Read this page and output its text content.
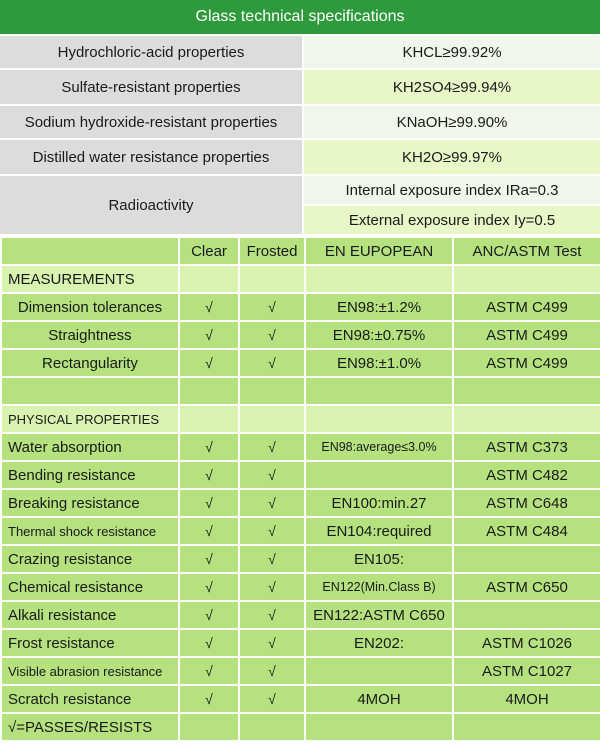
Glass technical specifications
Hydrochloric-acid properties	KHCL≥99.92%
Sulfate-resistant properties	KH2SO4≥99.94%
Sodium hydroxide-resistant properties	KNaOH≥99.90%
Distilled water resistance properties	KH2O≥99.97%
Radioactivity
Internal exposure index IRa=0.3
External exposure index Iy=0.5
	Clear	Frosted	EN EUPOPEAN	ANC/ASTM Test
MEASUREMENTS				
Dimension tolerances	√	√	EN98:±1.2%	ASTM C499
Straightness	√	√	EN98:±0.75%	ASTM C499
Rectangularity	√	√	EN98:±1.0%	ASTM C499

PHYSICAL PROPERTIES				
Water absorption	√	√	EN98:average≤3.0%	ASTM C373
Bending resistance	√	√		ASTM C482
Breaking resistance	√	√	EN100:min.27	ASTM C648
Thermal shock resistance	√	√	EN104:required	ASTM C484
Crazing resistance	√	√	EN105:	
Chemical resistance	√	√	EN122(Min.Class B)	ASTM C650
Alkali resistance	√	√	EN122:ASTM C650	
Frost resistance	√	√	EN202:	ASTM C1026
Visible abrasion resistance	√	√		ASTM C1027
Scratch resistance	√	√	4MOH	4MOH
√=PASSES/RESISTS				
